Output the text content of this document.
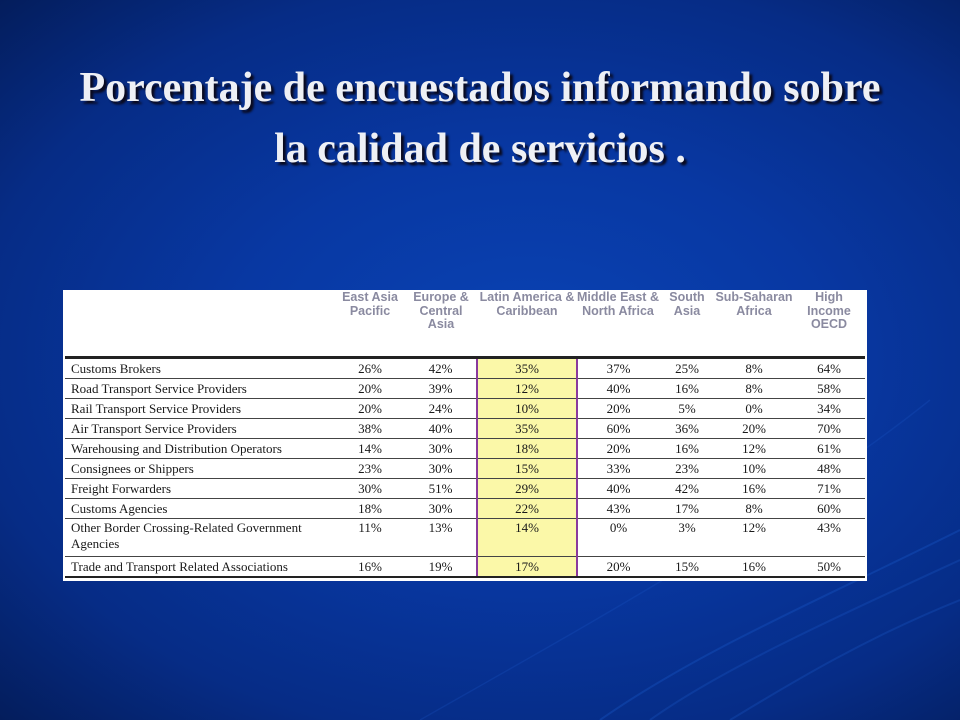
Porcentaje de encuestados informando sobre la calidad de servicios .
	East Asia Pacific	Europe & Central Asia	Latin America & Caribbean	Middle East & North Africa	South Asia	Sub-Saharan Africa	High Income OECD
Customs Brokers	26%	42%	35%	37%	25%	8%	64%
Road Transport Service Providers	20%	39%	12%	40%	16%	8%	58%
Rail Transport Service Providers	20%	24%	10%	20%	5%	0%	34%
Air Transport Service Providers	38%	40%	35%	60%	36%	20%	70%
Warehousing and Distribution Operators	14%	30%	18%	20%	16%	12%	61%
Consignees or Shippers	23%	30%	15%	33%	23%	10%	48%
Freight Forwarders	30%	51%	29%	40%	42%	16%	71%
Customs Agencies	18%	30%	22%	43%	17%	8%	60%
Other Border Crossing-Related Government Agencies	11%	13%	14%	0%	3%	12%	43%
Trade and Transport Related Associations	16%	19%	17%	20%	15%	16%	50%
